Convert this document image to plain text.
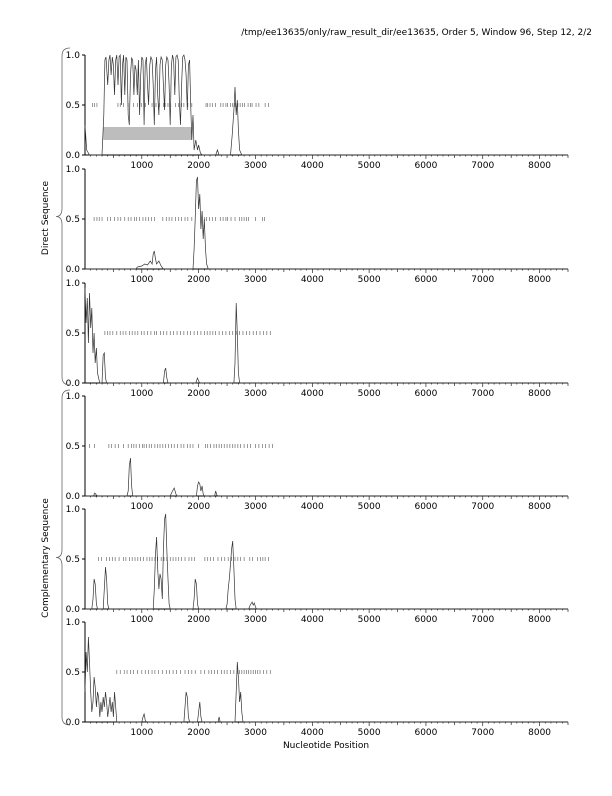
/tmp/ee13635/only/raw_result_dir/ee13635, Order 5, Window 96, Step 12, 2/2
0.0
0.5
1.0
1000	2000	3000	4000	5000	6000	7000	8000
0.0
0.5
1.0
1000	2000	3000	4000	5000	6000	7000	8000
0.0
0.5
1.0
1000	2000	3000	4000	5000	6000	7000	8000
0.0
0.5
1.0
1000	2000	3000	4000	5000	6000	7000	8000
0.0
0.5
1.0
1000	2000	3000	4000	5000	6000	7000	8000
0.0
0.5
1.0
1000	2000	3000	4000	5000	6000	7000	8000
Direct Sequence
Complementary Sequence
Nucleotide Position
